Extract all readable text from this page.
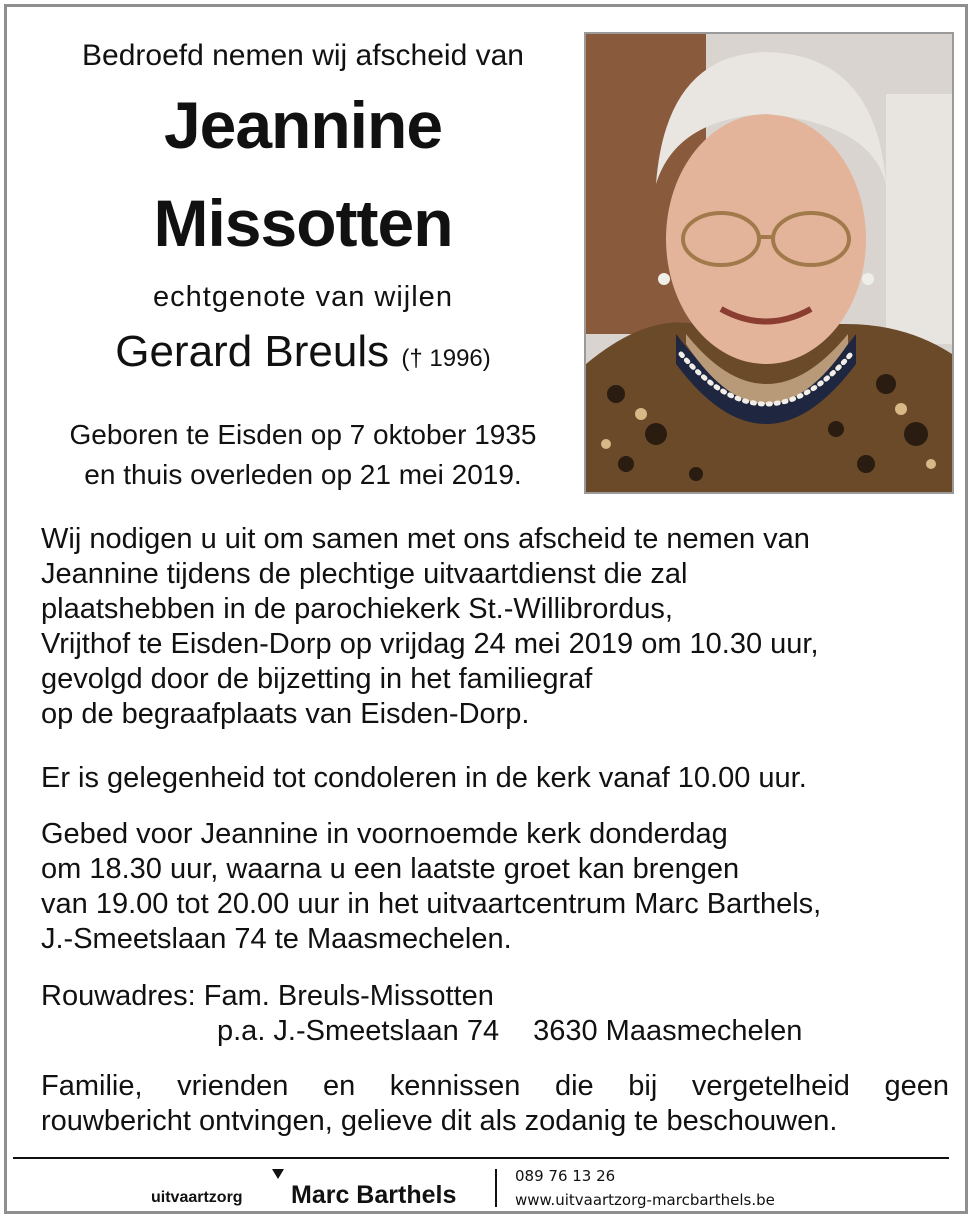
Bedroefd nemen wij afscheid van
Jeannine
Missotten
echtgenote van wijlen
Gerard Breuls († 1996)
Geboren te Eisden op 7 oktober 1935
en thuis overleden op 21 mei 2019.
Wij nodigen u uit om samen met ons afscheid te nemen van
Jeannine tijdens de plechtige uitvaartdienst die zal
plaatshebben in de parochiekerk St.-Willibrordus,
Vrijthof te Eisden-Dorp op vrijdag 24 mei 2019 om 10.30 uur,
gevolgd door de bijzetting in het familiegraf
op de begraafplaats van Eisden-Dorp.
Er is gelegenheid tot condoleren in de kerk vanaf 10.00 uur.
Gebed voor Jeannine in voornoemde kerk donderdag
om 18.30 uur, waarna u een laatste groet kan brengen
van 19.00 tot 20.00 uur in het uitvaartcentrum Marc Barthels,
J.-Smeetslaan 74 te Maasmechelen.
Rouwadres: Fam. Breuls-Missotten
p.a. J.-Smeetslaan 74 3630 Maasmechelen
Familie, vrienden en kennissen die bij vergetelheid geen
rouwbericht ontvingen, gelieve dit als zodanig te beschouwen.
uitvaartzorg Marc Barthels
089 76 13 26
www.uitvaartzorg-marcbarthels.be
